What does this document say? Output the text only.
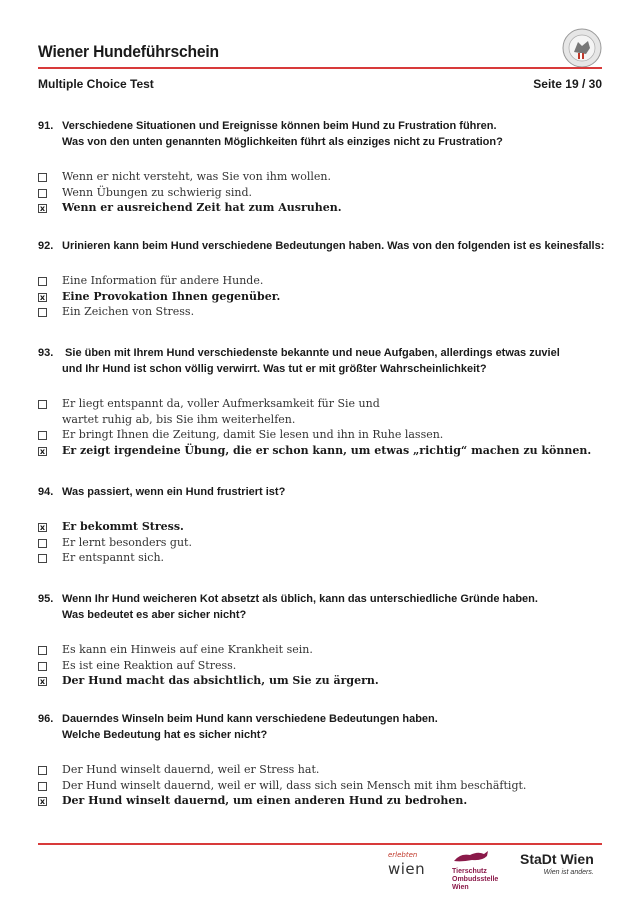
Wiener Hundeführschein
Multiple Choice Test	Seite 19 / 30
91. Verschiedene Situationen und Ereignisse können beim Hund zu Frustration führen.
Was von den unten genannten Möglichkeiten führt als einziges nicht zu Frustration?
Wenn er nicht versteht, was Sie von ihm wollen.
Wenn Übungen zu schwierig sind.
x Wenn er ausreichend Zeit hat zum Ausruhen.
92. Urinieren kann beim Hund verschiedene Bedeutungen haben. Was von den folgenden ist es keinesfalls:
Eine Information für andere Hunde.
x Eine Provokation Ihnen gegenüber.
Ein Zeichen von Stress.
93. Sie üben mit Ihrem Hund verschiedenste bekannte und neue Aufgaben, allerdings etwas zuviel
und Ihr Hund ist schon völlig verwirrt. Was tut er mit größter Wahrscheinlichkeit?
Er liegt entspannt da, voller Aufmerksamkeit für Sie und
wartet ruhig ab, bis Sie ihm weiterhelfen.
Er bringt Ihnen die Zeitung, damit Sie lesen und ihn in Ruhe lassen.
x Er zeigt irgendeine Übung, die er schon kann, um etwas „richtig“ machen zu können.
94. Was passiert, wenn ein Hund frustriert ist?
x Er bekommt Stress.
Er lernt besonders gut.
Er entspannt sich.
95. Wenn Ihr Hund weicheren Kot absetzt als üblich, kann das unterschiedliche Gründe haben.
Was bedeutet es aber sicher nicht?
Es kann ein Hinweis auf eine Krankheit sein.
Es ist eine Reaktion auf Stress.
x Der Hund macht das absichtlich, um Sie zu ärgern.
96. Dauerndes Winseln beim Hund kann verschiedene Bedeutungen haben.
Welche Bedeutung hat es sicher nicht?
Der Hund winselt dauernd, weil er Stress hat.
Der Hund winselt dauernd, weil er will, dass sich sein Mensch mit ihm beschäftigt.
x Der Hund winselt dauernd, um einen anderen Hund zu bedrohen.
erlebten
wien	Tierschutz
Ombudsstelle Wien
StaDt Wien
Wien ist anders.
